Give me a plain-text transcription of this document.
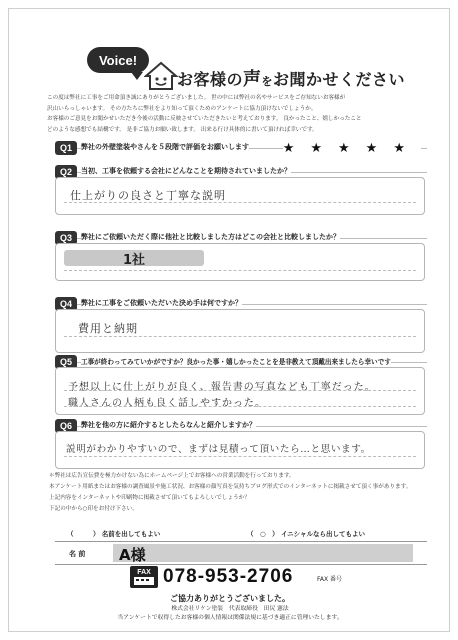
Voice!
お客様の声をお聞かせください
この度は弊社に工事をご用命頂き誠にありがとうございました。 世の中には弊社の名やサービスをご存知ないお客様が
沢山いらっしゃいます。 その方たちに弊社をより知って頂くためのアンケートに協力頂けないでしょうか。
お客様のご意見をお聞かせいただき今後の活動に反映させていただきたいと考えております。 良かったこと、嬉しかったこと
どのような感想でも結構です。 是非ご協力お願い致します。 出来る行け具体的に書いて頂ければ幸いです。
Q1	弊社の外壁塗装やさんを５段階で評価をお願いします	★★★★★
Q2	当初、工事を依頼する会社にどんなことを期待されていましたか？
仕上がりの良さと丁寧な説明
Q3	弊社にご依頼いただく際に他社と比較しました方はどこの会社と比較しましたか？
1社
Q4	弊社に工事をご依頼いただいた決め手は何ですか？
費用と納期
Q5	工事が終わってみていかがですか？良かった事・嬉しかったことを是非教えて頂戴出来ましたら幸いです
予想以上に仕上がりが良く、報告書の写真なども丁寧だった。
職人さんの人柄も良く話しやすかった。
Q6	弊社を他の方に紹介するとしたらなんと紹介しますか？
説明がわかりやすいので、まずは見積って頂いたら…と思います。
＊弊社は広告宣伝費を極力かけない為にホームページ上でお客様への営業活動を行っております。
本アンケート用紙またはお客様の調査風景や施工状況、お客様の顔写真を気持ちブログ形式でのインターネットに掲載させて頂く事があります。
上記内容をインターネットや印刷物に掲載させて頂いてもよろしいでしょうか？
下記の中から○印をお付け下さい。
（　　　） 名前を出してもよい	（　○　） イニシャルなら出してもよい
名 前 A様
FAX 078-953-2706	FAX 番号
ご協力ありがとうございました。
株式会社リケン塗装　代表取締役　田尻 憲法
当アンケートで収得したお客様の個人情報は関係法規に基づき適正に管理いたします。
